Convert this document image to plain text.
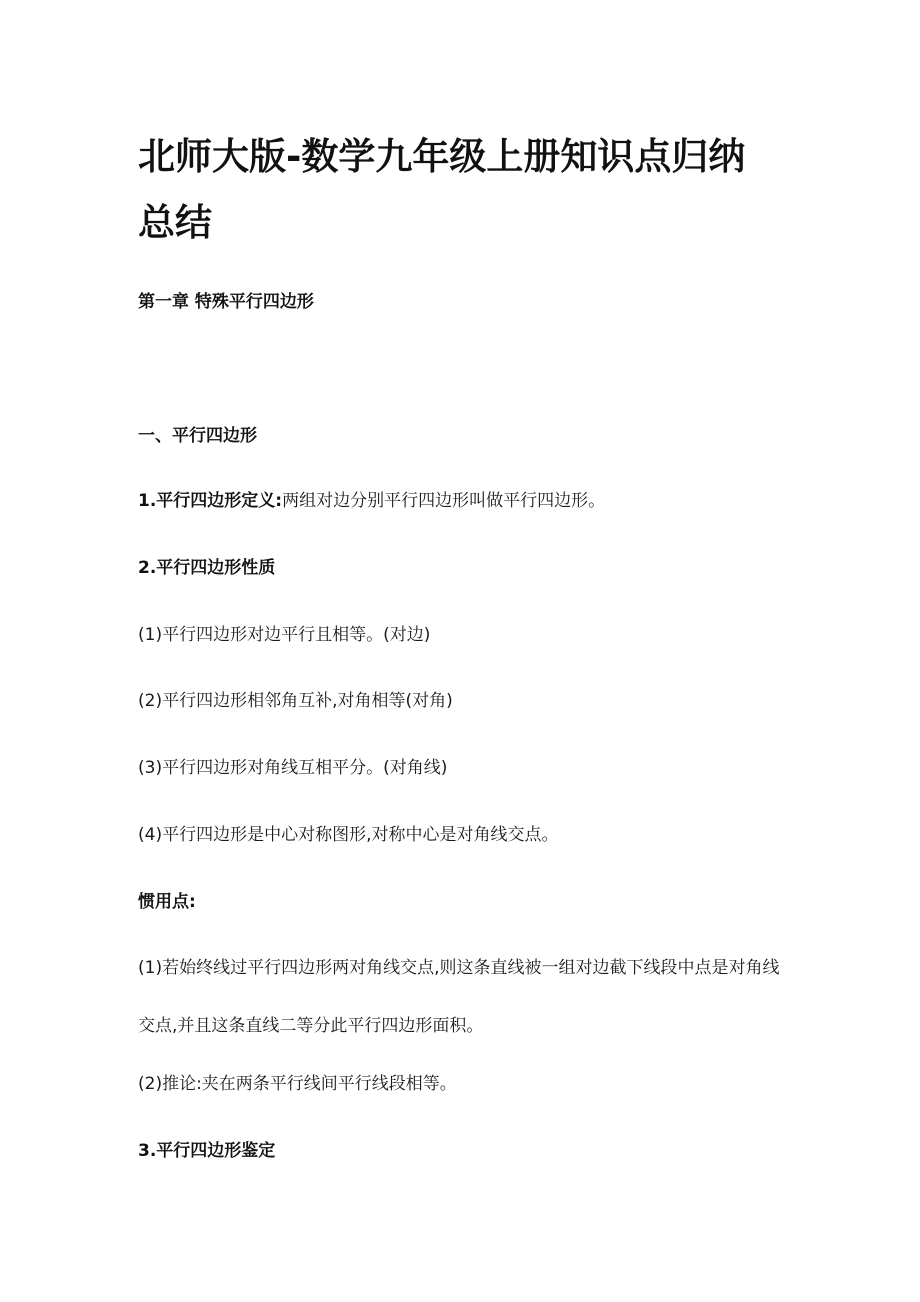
北师大版-数学九年级上册知识点归纳总结

第一章 特殊平行四边形

一、平行四边形

1.平行四边形定义:两组对边分别平行四边形叫做平行四边形。

2.平行四边形性质

(1)平行四边形对边平行且相等。(对边)

(2)平行四边形相邻角互补,对角相等(对角)

(3)平行四边形对角线互相平分。(对角线)

(4)平行四边形是中心对称图形,对称中心是对角线交点。

惯用点:

(1)若始终线过平行四边形两对角线交点,则这条直线被一组对边截下线段中点是对角线交点,并且这条直线二等分此平行四边形面积。

(2)推论:夹在两条平行线间平行线段相等。

3.平行四边形鉴定
